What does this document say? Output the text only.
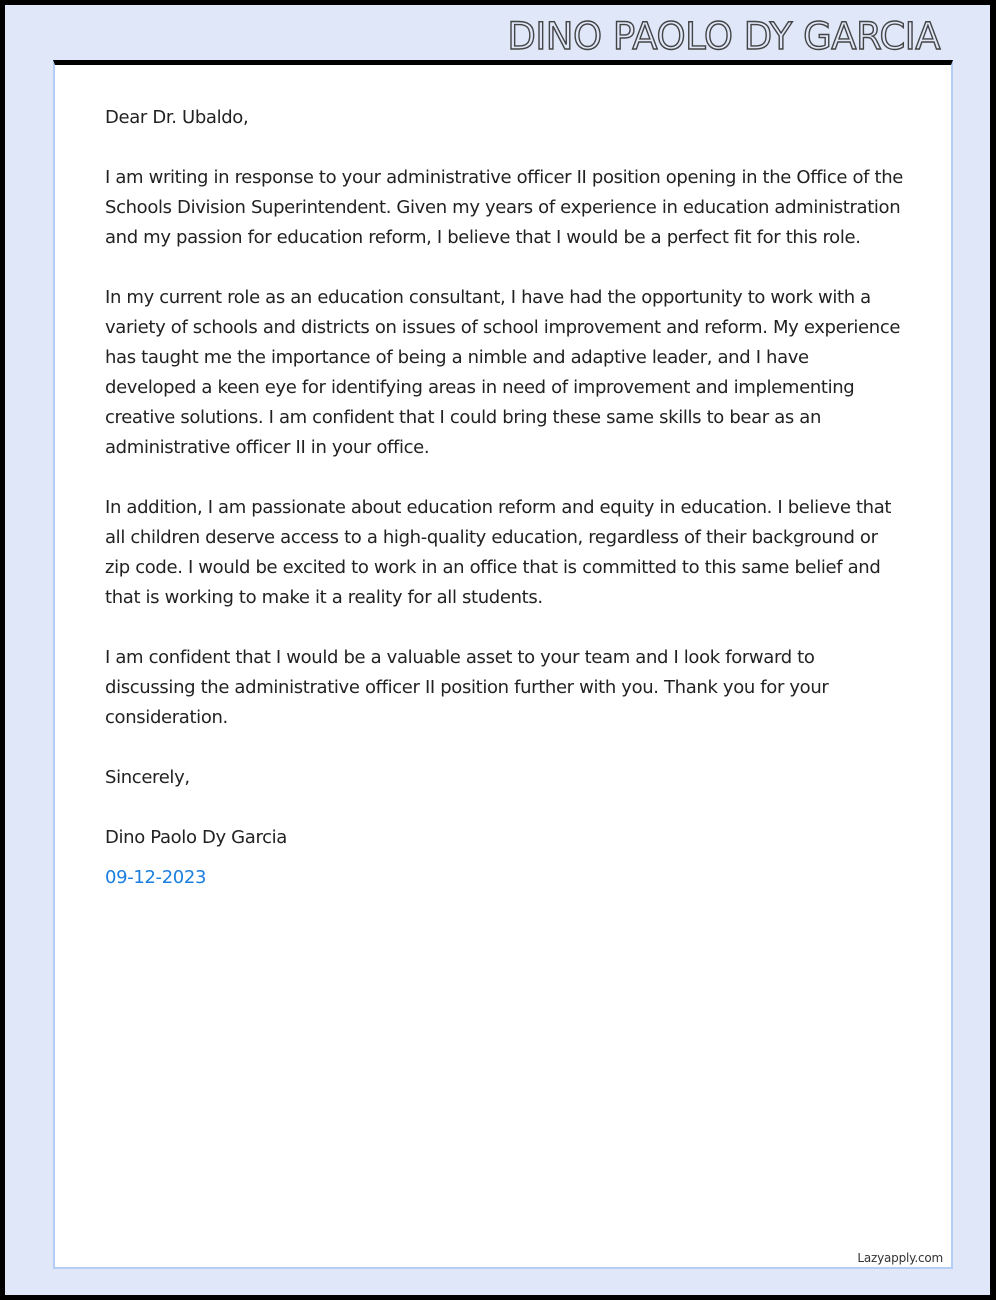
DINO PAOLO DY GARCIA

Dear Dr. Ubaldo,

I am writing in response to your administrative officer II position opening in the Office of the Schools Division Superintendent. Given my years of experience in education administration and my passion for education reform, I believe that I would be a perfect fit for this role.

In my current role as an education consultant, I have had the opportunity to work with a variety of schools and districts on issues of school improvement and reform. My experience has taught me the importance of being a nimble and adaptive leader, and I have developed a keen eye for identifying areas in need of improvement and implementing creative solutions. I am confident that I could bring these same skills to bear as an administrative officer II in your office.

In addition, I am passionate about education reform and equity in education. I believe that all children deserve access to a high-quality education, regardless of their background or zip code. I would be excited to work in an office that is committed to this same belief and that is working to make it a reality for all students.

I am confident that I would be a valuable asset to your team and I look forward to discussing the administrative officer II position further with you. Thank you for your consideration.

Sincerely,

Dino Paolo Dy Garcia

09-12-2023

Lazyapply.com
